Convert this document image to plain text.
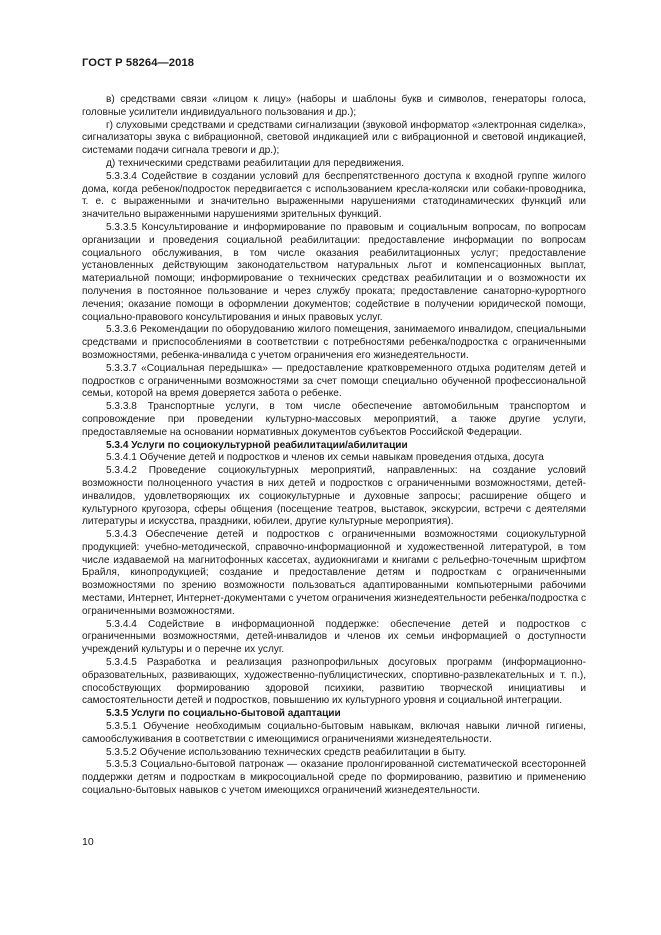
ГОСТ Р 58264—2018

в) средствами связи «лицом к лицу» (наборы и шаблоны букв и символов, генераторы голоса, головные усилители индивидуального пользования и др.);

г) слуховыми средствами и средствами сигнализации (звуковой информатор «электронная сиделка», сигнализаторы звука с вибрационной, световой индикацией или с вибрационной и световой индикацией, системами подачи сигнала тревоги и др.);

д) техническими средствами реабилитации для передвижения.

5.3.3.4 Содействие в создании условий для беспрепятственного доступа к входной группе жилого дома, когда ребенок/подросток передвигается с использованием кресла-коляски или собаки-проводника, т. е. с выраженными и значительно выраженными нарушениями статодинамических функций или значительно выраженными нарушениями зрительных функций.

5.3.3.5 Консультирование и информирование по правовым и социальным вопросам, по вопросам организации и проведения социальной реабилитации: предоставление информации по вопросам социального обслуживания, в том числе оказания реабилитационных услуг; предоставление установленных действующим законодательством натуральных льгот и компенсационных выплат, материальной помощи; информирование о технических средствах реабилитации и о возможности их получения в постоянное пользование и через службу проката; предоставление санаторно-курортного лечения; оказание помощи в оформлении документов; содействие в получении юридической помощи, социально-правового консультирования и иных правовых услуг.

5.3.3.6 Рекомендации по оборудованию жилого помещения, занимаемого инвалидом, специальными средствами и приспособлениями в соответствии с потребностями ребенка/подростка с ограниченными возможностями, ребенка-инвалида с учетом ограничения его жизнедеятельности.

5.3.3.7 «Социальная передышка» — предоставление кратковременного отдыха родителям детей и подростков с ограниченными возможностями за счет помощи специально обученной профессиональной семьи, которой на время доверяется забота о ребенке.

5.3.3.8 Транспортные услуги, в том числе обеспечение автомобильным транспортом и сопровождение при проведении культурно-массовых мероприятий, а также другие услуги, предоставляемые на основании нормативных документов субъектов Российской Федерации.

5.3.4 Услуги по социокультурной реабилитации/абилитации

5.3.4.1 Обучение детей и подростков и членов их семьи навыкам проведения отдыха, досуга

5.3.4.2 Проведение социокультурных мероприятий, направленных: на создание условий возможности полноценного участия в них детей и подростков с ограниченными возможностями, детей-инвалидов, удовлетворяющих их социокультурные и духовные запросы; расширение общего и культурного кругозора, сферы общения (посещение театров, выставок, экскурсии, встречи с деятелями литературы и искусства, праздники, юбилеи, другие культурные мероприятия).

5.3.4.3 Обеспечение детей и подростков с ограниченными возможностями социокультурной продукцией: учебно-методической, справочно-информационной и художественной литературой, в том числе издаваемой на магнитофонных кассетах, аудиокнигами и книгами с рельефно-точечным шрифтом Брайля, кинопродукцией; создание и предоставление детям и подросткам с ограниченными возможностями по зрению возможности пользоваться адаптированными компьютерными рабочими местами, Интернет, Интернет-документами с учетом ограничения жизнедеятельности ребенка/подростка с ограниченными возможностями.

5.3.4.4 Содействие в информационной поддержке: обеспечение детей и подростков с ограниченными возможностями, детей-инвалидов и членов их семьи информацией о доступности учреждений культуры и о перечне их услуг.

5.3.4.5 Разработка и реализация разнопрофильных досуговых программ (информационно-образовательных, развивающих, художественно-публицистических, спортивно-развлекательных и т. п.), способствующих формированию здоровой психики, развитию творческой инициативы и самостоятельности детей и подростков, повышению их культурного уровня и социальной интеграции.

5.3.5 Услуги по социально-бытовой адаптации

5.3.5.1 Обучение необходимым социально-бытовым навыкам, включая навыки личной гигиены, самообслуживания в соответствии с имеющимися ограничениями жизнедеятельности.

5.3.5.2 Обучение использованию технических средств реабилитации в быту.

5.3.5.3 Социально-бытовой патронаж — оказание пролонгированной систематической всесторонней поддержки детям и подросткам в микросоциальной среде по формированию, развитию и применению социально-бытовых навыков с учетом имеющихся ограничений жизнедеятельности.

10
